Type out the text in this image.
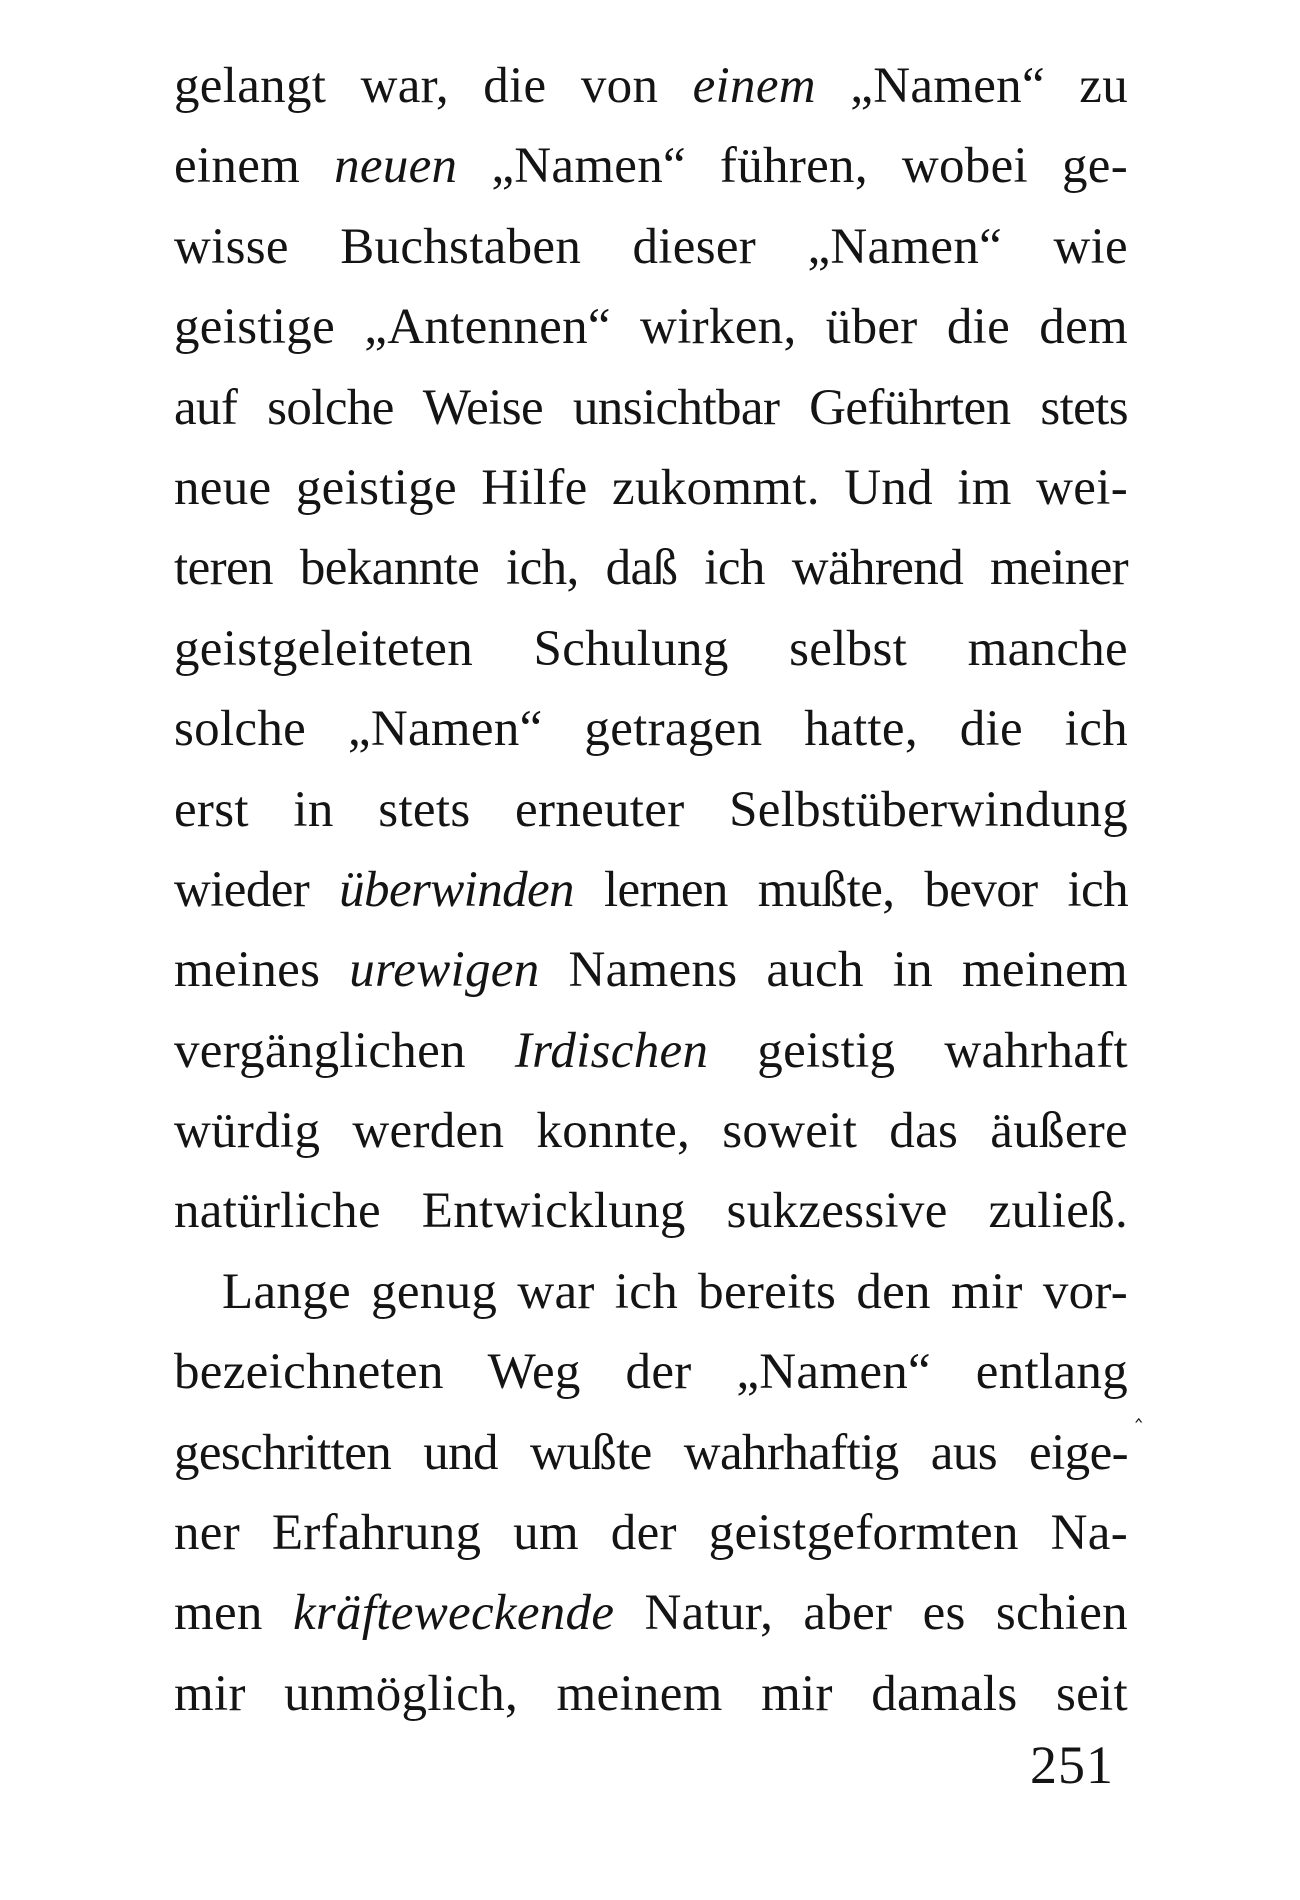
gelangt war, die von einem „Namen“ zu
einem neuen „Namen“ führen, wobei ge-
wisse Buchstaben dieser „Namen“ wie
geistige „Antennen“ wirken, über die dem
auf solche Weise unsichtbar Geführten stets
neue geistige Hilfe zukommt. Und im wei-
teren bekannte ich, daß ich während meiner
geistgeleiteten Schulung selbst manche
solche „Namen“ getragen hatte, die ich
erst in stets erneuter Selbstüberwindung
wieder überwinden lernen mußte, bevor ich
meines urewigen Namens auch in meinem
vergänglichen Irdischen geistig wahrhaft
würdig werden konnte, soweit das äußere
natürliche Entwicklung sukzessive zuließ.
Lange genug war ich bereits den mir vor-
bezeichneten Weg der „Namen“ entlang
geschritten und wußte wahrhaftig aus eige-
ner Erfahrung um der geistgeformten Na-
men kräfteweckende Natur, aber es schien
mir unmöglich, meinem mir damals seit
‸
251
